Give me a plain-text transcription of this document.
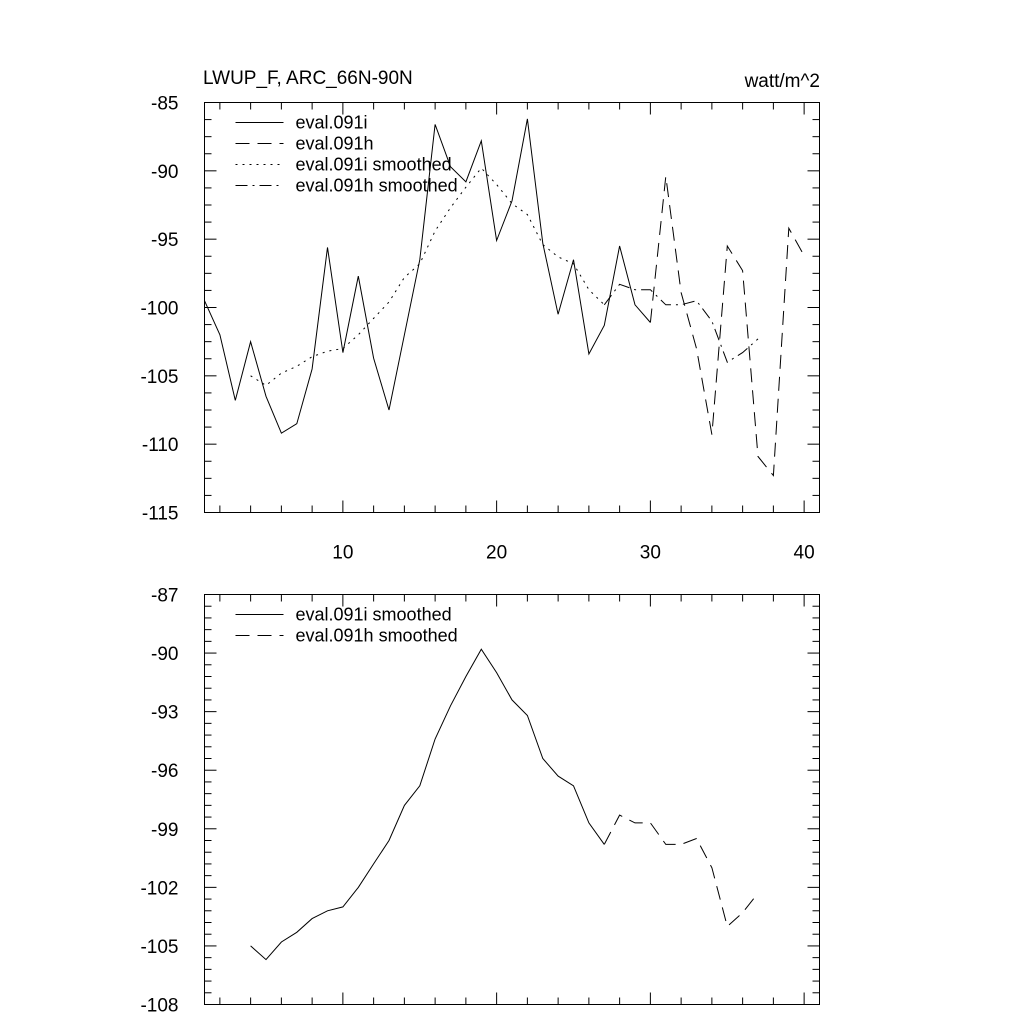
LWUP_F, ARC_66N-90N	watt/m^2
10	20	30	40
-115
-110
-105
-100
-95
-90
-85
eval.091i
eval.091h
eval.091i smoothed
eval.091h smoothed
-108
-105
-102
-99
-96
-93
-90
-87
eval.091i smoothed
eval.091h smoothed
